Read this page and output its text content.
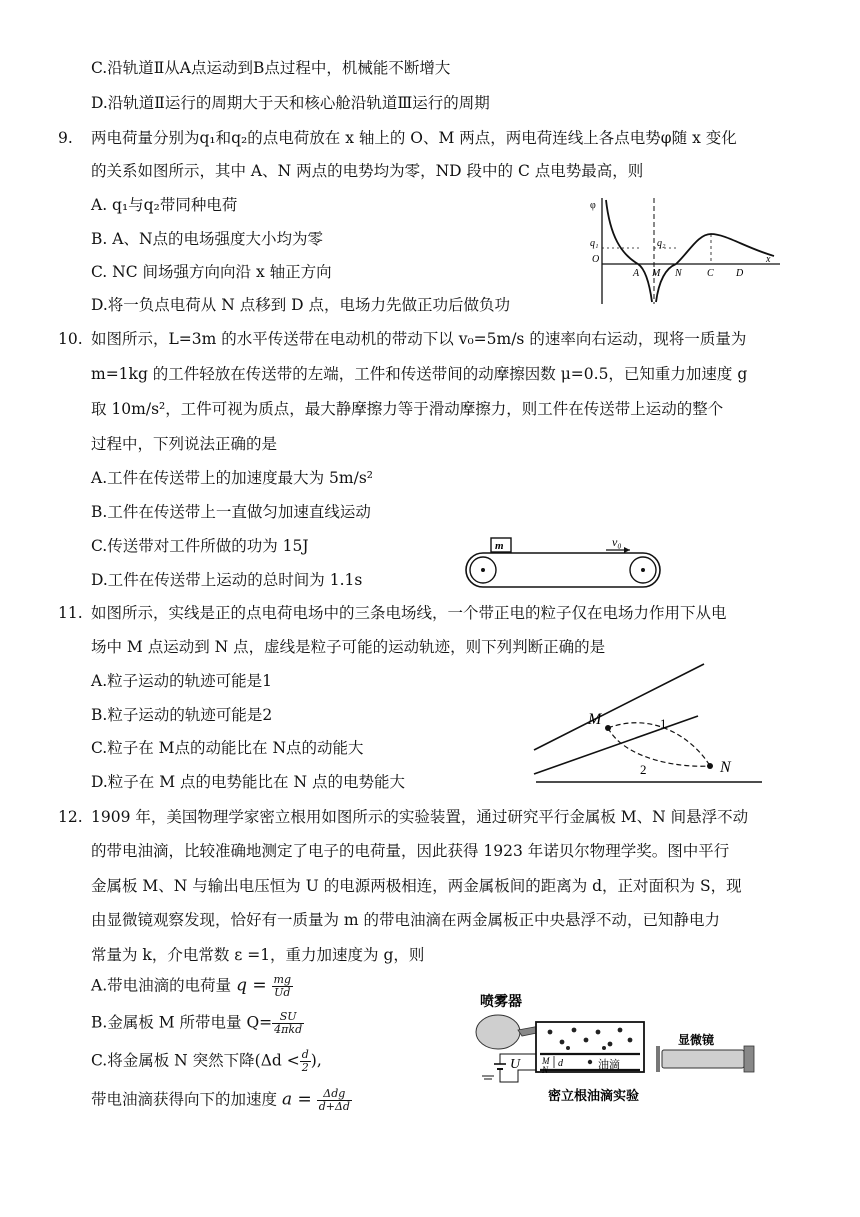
C.沿轨道Ⅱ从A点运动到B点过程中，机械能不断增大
D.沿轨道Ⅱ运行的周期大于天和核心舱沿轨道Ⅲ运行的周期
9. 两电荷量分别为q₁和q₂的点电荷放在 x 轴上的 O、M 两点，两电荷连线上各点电势φ随 x 变化
的关系如图所示，其中 A、N 两点的电势均为零，ND 段中的 C 点电势最高，则
A. q₁与q₂带同种电荷
B. A、N点的电场强度大小均为零
C. NC 间场强方向向沿 x 轴正方向
D.将一负点电荷从 N 点移到 D 点，电场力先做正功后做负功
φ
q₁	q₂
O
A M N	C D
x
10. 如图所示，L=3m 的水平传送带在电动机的带动下以 v₀=5m/s 的速率向右运动，现将一质量为
m=1kg 的工件轻放在传送带的左端，工件和传送带间的动摩擦因数 μ=0.5，已知重力加速度 g
取 10m/s²，工件可视为质点，最大静摩擦力等于滑动摩擦力，则工件在传送带上运动的整个
过程中，下列说法正确的是
A.工件在传送带上的加速度最大为 5m/s²
B.工件在传送带上一直做匀加速直线运动
C.传送带对工件所做的功为 15J
D.工件在传送带上运动的总时间为 1.1s
m	v₀
11. 如图所示，实线是正的点电荷电场中的三条电场线，一个带正电的粒子仅在电场力作用下从电
场中 M 点运动到 N 点，虚线是粒子可能的运动轨迹，则下列判断正确的是
A.粒子运动的轨迹可能是1
B.粒子运动的轨迹可能是2
C.粒子在 M点的动能比在 N点的动能大
D.粒子在 M 点的电势能比在 N 点的电势能大
M
N
1
2
12. 1909 年，美国物理学家密立根用如图所示的实验装置，通过研究平行金属板 M、N 间悬浮不动
的带电油滴，比较准确地测定了电子的电荷量，因此获得 1923 年诺贝尔物理学奖。图中平行
金属板 M、N 与输出电压恒为 U 的电源两极相连，两金属板间的距离为 d，正对面积为 S，现
由显微镜观察发现，恰好有一质量为 m 的带电油滴在两金属板正中央悬浮不动，已知静电力
常量为 k，介电常数 ε =1，重力加速度为 g，则
A.带电油滴的电荷量 $q = \frac{mg}{Ud}$
B.金属板 M 所带电量 $Q= \frac{SU}{\text{4πkd}}$
C.将金属板 N 突然下降($\Delta d < \frac{d}{2}$ ),
带电油滴获得向下的加速度 $a = \frac{\text{Δdg}}{d+\Delta d}$
喷雾器
M
N
d	油滴
U
显微镜
密立根油滴实验
